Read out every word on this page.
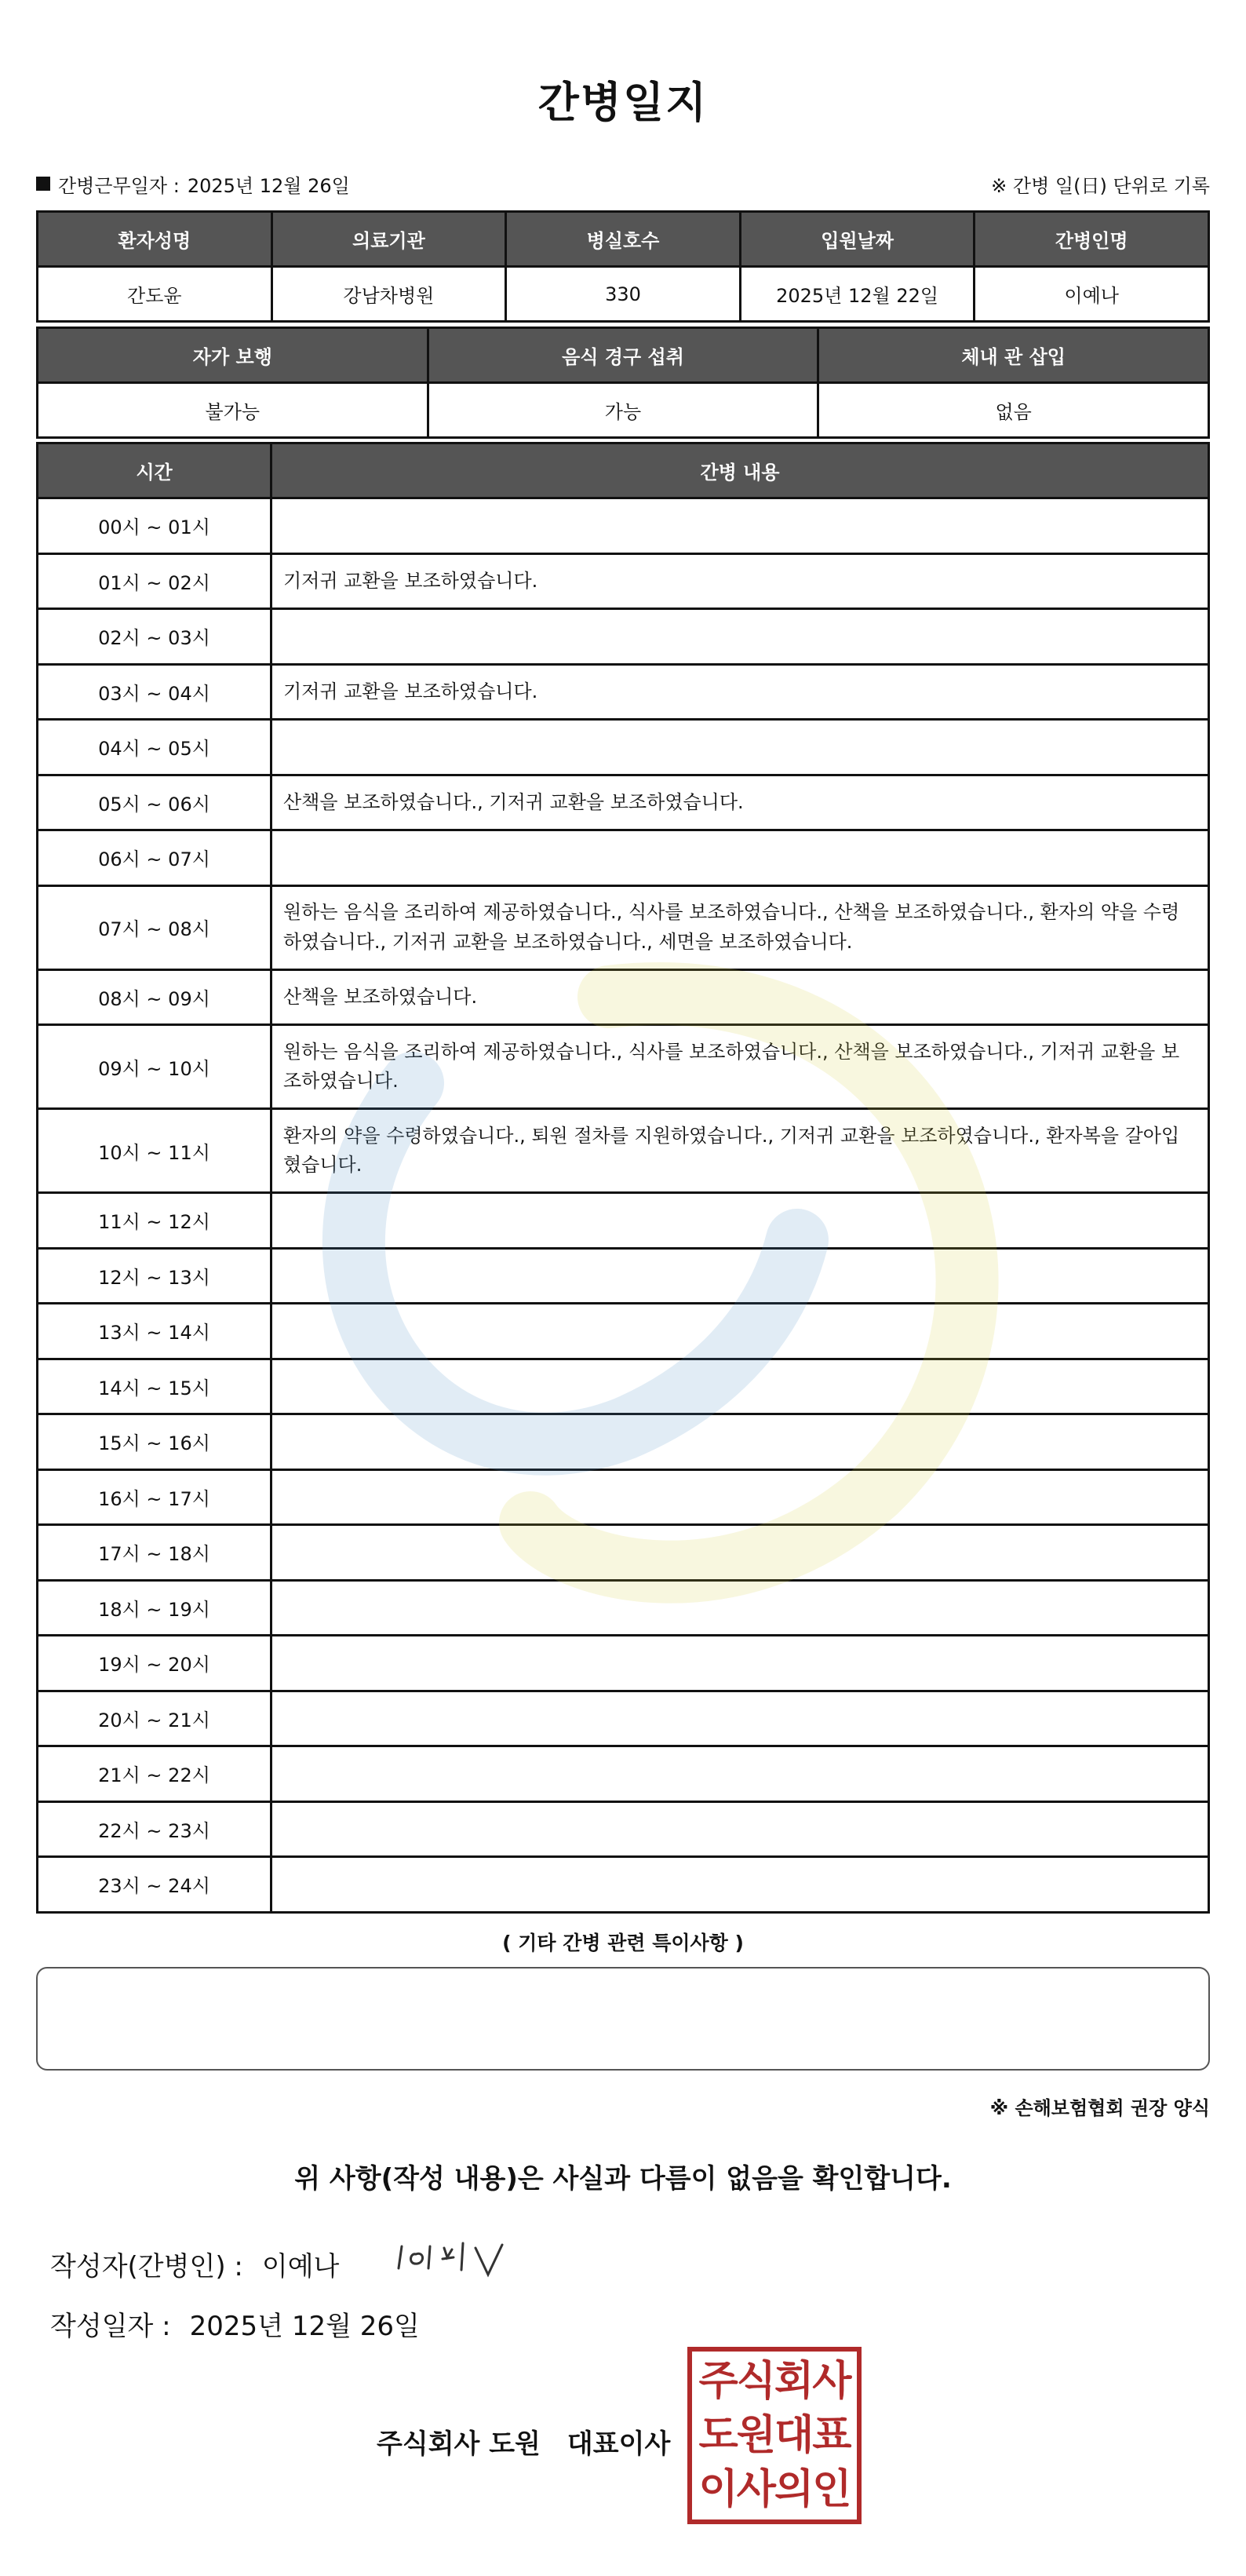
간병일지
간병근무일자 : 2025년 12월 26일	※ 간병 일(日) 단위로 기록
환자성명	의료기관	병실호수	입원날짜	간병인명
간도윤	강남차병원	330	2025년 12월 22일	이예나
자가 보행	음식 경구 섭취	체내 관 삽입
불가능	가능	없음
시간	간병 내용
00시 ~ 01시	
01시 ~ 02시	기저귀 교환을 보조하였습니다.
02시 ~ 03시	
03시 ~ 04시	기저귀 교환을 보조하였습니다.
04시 ~ 05시	
05시 ~ 06시	산책을 보조하였습니다., 기저귀 교환을 보조하였습니다.
06시 ~ 07시	
07시 ~ 08시	원하는 음식을 조리하여 제공하였습니다., 식사를 보조하였습니다., 산책을 보조하였습니다., 환자의 약을 수령하였습니다., 기저귀 교환을 보조하였습니다., 세면을 보조하였습니다.
08시 ~ 09시	산책을 보조하였습니다.
09시 ~ 10시	원하는 음식을 조리하여 제공하였습니다., 식사를 보조하였습니다., 산책을 보조하였습니다., 기저귀 교환을 보조하였습니다.
10시 ~ 11시	환자의 약을 수령하였습니다., 퇴원 절차를 지원하였습니다., 기저귀 교환을 보조하였습니다., 환자복을 갈아입혔습니다.
11시 ~ 12시	
12시 ~ 13시	
13시 ~ 14시	
14시 ~ 15시	
15시 ~ 16시	
16시 ~ 17시	
17시 ~ 18시	
18시 ~ 19시	
19시 ~ 20시	
20시 ~ 21시	
21시 ~ 22시	
22시 ~ 23시	
23시 ~ 24시	
( 기타 간병 관련 특이사항 )
※ 손해보험협회 권장 양식
위 사항(작성 내용)은 사실과 다름이 없음을 확인합니다.
작성자(간병인) : 이예나
작성일자 : 2025년 12월 26일
주식회사 도원 대표이사
주식회사
도원대표
이사의인
